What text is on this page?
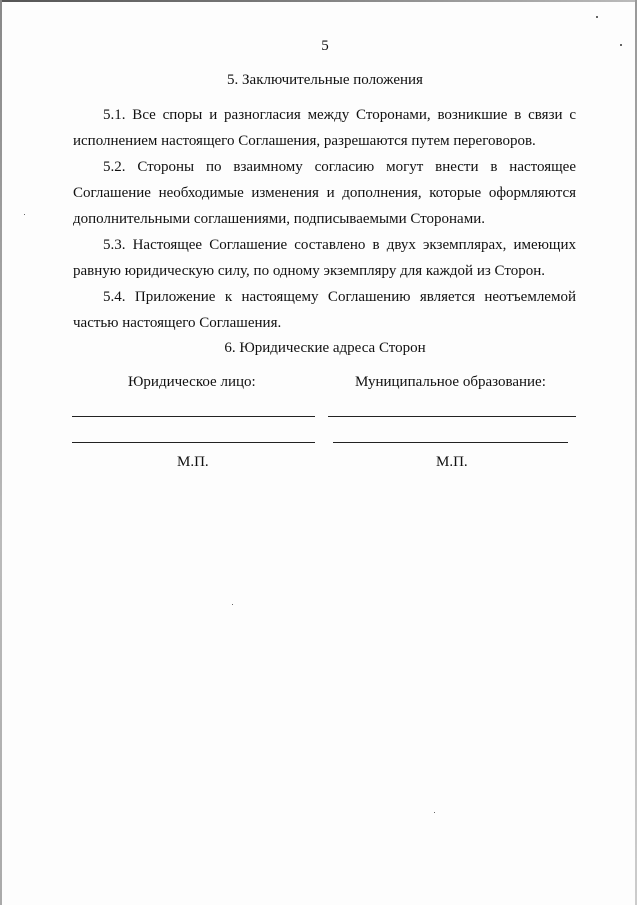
5
5. Заключительные положения
5.1. Все споры и разногласия между Сторонами, возникшие в связи с
исполнением настоящего Соглашения, разрешаются путем переговоров.
5.2. Стороны по взаимному согласию могут внести в настоящее
Соглашение необходимые изменения и дополнения, которые оформляются
дополнительными соглашениями, подписываемыми Сторонами.
5.3. Настоящее Соглашение составлено в двух экземплярах, имеющих
равную юридическую силу, по одному экземпляру для каждой из Сторон.
5.4. Приложение к настоящему Соглашению является неотъемлемой
частью настоящего Соглашения.
6. Юридические адреса Сторон
Юридическое лицо:	Муниципальное образование:
М.П.	М.П.
